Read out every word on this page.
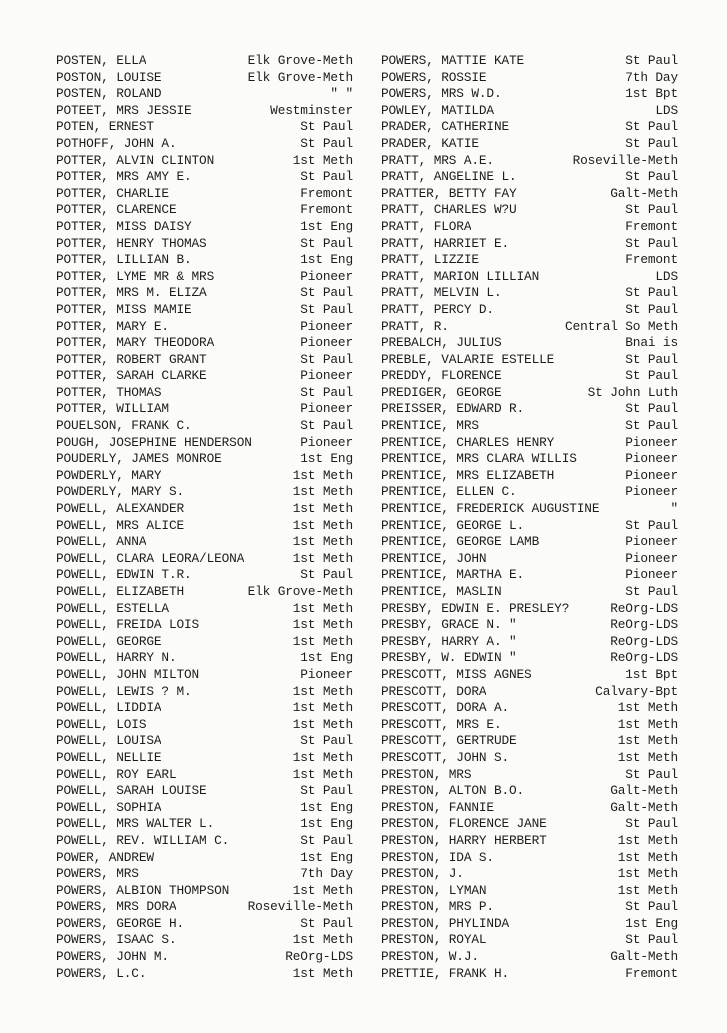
POSTEN, ELLA	Elk Grove-Meth
POSTON, LOUISE	Elk Grove-Meth
POSTEN, ROLAND	" "
POTEET, MRS JESSIE	Westminster
POTEN, ERNEST	St Paul
POTHOFF, JOHN A.	St Paul
POTTER, ALVIN CLINTON	1st Meth
POTTER, MRS AMY E.	St Paul
POTTER, CHARLIE	Fremont
POTTER, CLARENCE	Fremont
POTTER, MISS DAISY	1st Eng
POTTER, HENRY THOMAS	St Paul
POTTER, LILLIAN B.	1st Eng
POTTER, LYME MR & MRS	Pioneer
POTTER, MRS M. ELIZA	St Paul
POTTER, MISS MAMIE	St Paul
POTTER, MARY E.	Pioneer
POTTER, MARY THEODORA	Pioneer
POTTER, ROBERT GRANT	St Paul
POTTER, SARAH CLARKE	Pioneer
POTTER, THOMAS	St Paul
POTTER, WILLIAM	Pioneer
POUELSON, FRANK C.	St Paul
POUGH, JOSEPHINE HENDERSON	Pioneer
POUDERLY, JAMES MONROE	1st Eng
POWDERLY, MARY	1st Meth
POWDERLY, MARY S.	1st Meth
POWELL, ALEXANDER	1st Meth
POWELL, MRS ALICE	1st Meth
POWELL, ANNA	1st Meth
POWELL, CLARA LEORA/LEONA	1st Meth
POWELL, EDWIN T.R.	St Paul
POWELL, ELIZABETH	Elk Grove-Meth
POWELL, ESTELLA	1st Meth
POWELL, FREIDA LOIS	1st Meth
POWELL, GEORGE	1st Meth
POWELL, HARRY N.	1st Eng
POWELL, JOHN MILTON	Pioneer
POWELL, LEWIS ? M.	1st Meth
POWELL, LIDDIA	1st Meth
POWELL, LOIS	1st Meth
POWELL, LOUISA	St Paul
POWELL, NELLIE	1st Meth
POWELL, ROY EARL	1st Meth
POWELL, SARAH LOUISE	St Paul
POWELL, SOPHIA	1st Eng
POWELL, MRS WALTER L.	1st Eng
POWELL, REV. WILLIAM C.	St Paul
POWER, ANDREW	1st Eng
POWERS, MRS	7th Day
POWERS, ALBION THOMPSON	1st Meth
POWERS, MRS DORA	Roseville-Meth
POWERS, GEORGE H.	St Paul
POWERS, ISAAC S.	1st Meth
POWERS, JOHN M.	ReOrg-LDS
POWERS, L.C.	1st Meth
POWERS, MATTIE KATE	St Paul
POWERS, ROSSIE	7th Day
POWERS, MRS W.D.	1st Bpt
POWLEY, MATILDA	LDS
PRADER, CATHERINE	St Paul
PRADER, KATIE	St Paul
PRATT, MRS A.E.	Roseville-Meth
PRATT, ANGELINE L.	St Paul
PRATTER, BETTY FAY	Galt-Meth
PRATT, CHARLES W?U	St Paul
PRATT, FLORA	Fremont
PRATT, HARRIET E.	St Paul
PRATT, LIZZIE	Fremont
PRATT, MARION LILLIAN	LDS
PRATT, MELVIN L.	St Paul
PRATT, PERCY D.	St Paul
PRATT, R.	Central So Meth
PREBALCH, JULIUS	Bnai is
PREBLE, VALARIE ESTELLE	St Paul
PREDDY, FLORENCE	St Paul
PREDIGER, GEORGE	St John Luth
PREISSER, EDWARD R.	St Paul
PRENTICE, MRS	St Paul
PRENTICE, CHARLES HENRY	Pioneer
PRENTICE, MRS CLARA WILLIS	Pioneer
PRENTICE, MRS ELIZABETH	Pioneer
PRENTICE, ELLEN C.	Pioneer
PRENTICE, FREDERICK AUGUSTINE	"
PRENTICE, GEORGE L.	St Paul
PRENTICE, GEORGE LAMB	Pioneer
PRENTICE, JOHN	Pioneer
PRENTICE, MARTHA E.	Pioneer
PRENTICE, MASLIN	St Paul
PRESBY, EDWIN E. PRESLEY?	ReOrg-LDS
PRESBY, GRACE N. "	ReOrg-LDS
PRESBY, HARRY A. "	ReOrg-LDS
PRESBY, W. EDWIN "	ReOrg-LDS
PRESCOTT, MISS AGNES	1st Bpt
PRESCOTT, DORA	Calvary-Bpt
PRESCOTT, DORA A.	1st Meth
PRESCOTT, MRS E.	1st Meth
PRESCOTT, GERTRUDE	1st Meth
PRESCOTT, JOHN S.	1st Meth
PRESTON, MRS	St Paul
PRESTON, ALTON B.O.	Galt-Meth
PRESTON, FANNIE	Galt-Meth
PRESTON, FLORENCE JANE	St Paul
PRESTON, HARRY HERBERT	1st Meth
PRESTON, IDA S.	1st Meth
PRESTON, J.	1st Meth
PRESTON, LYMAN	1st Meth
PRESTON, MRS P.	St Paul
PRESTON, PHYLINDA	1st Eng
PRESTON, ROYAL	St Paul
PRESTON, W.J.	Galt-Meth
PRETTIE, FRANK H.	Fremont
